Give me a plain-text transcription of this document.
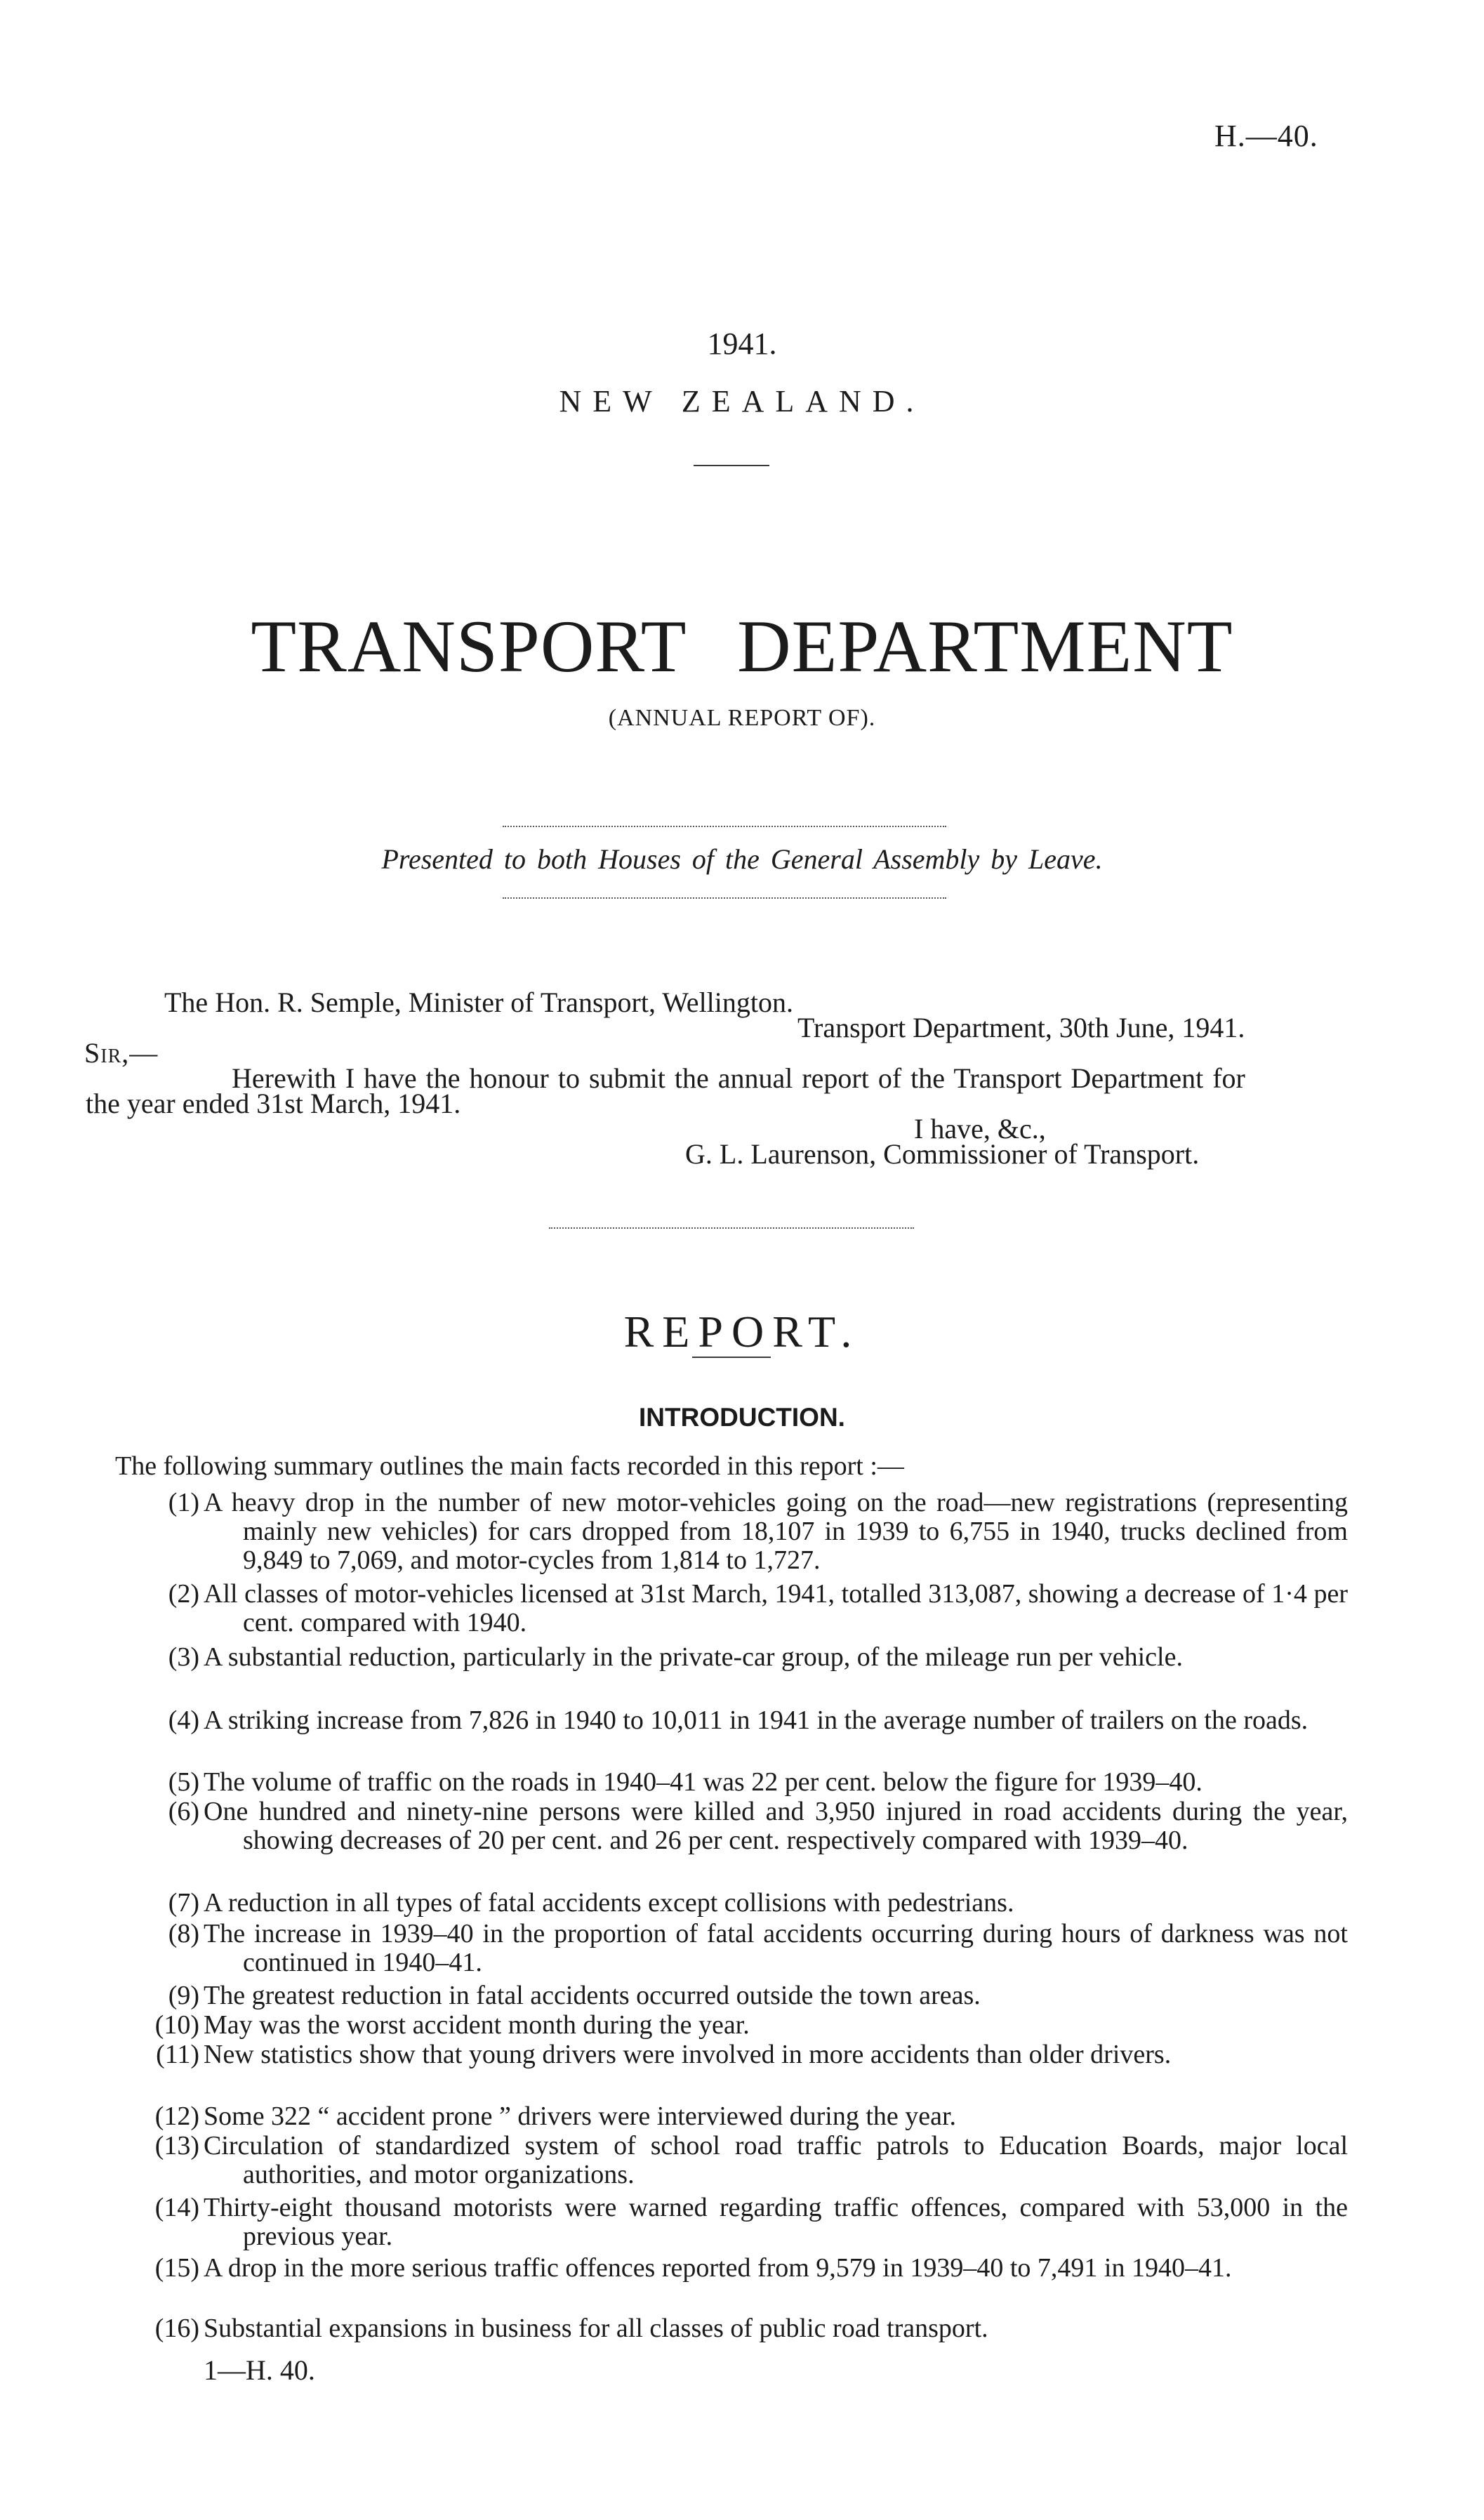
H.—40.
1941.
NEW ZEALAND.
TRANSPORT DEPARTMENT
(ANNUAL REPORT OF).
Presented to both Houses of the General Assembly by Leave.
The Hon. R. Semple, Minister of Transport, Wellington.
Transport Department, 30th June, 1941.
Sir,—
Herewith I have the honour to submit the annual report of the Transport Department for
the year ended 31st March, 1941.
I have, &c.,
G. L. Laurenson, Commissioner of Transport.
REPORT.
INTRODUCTION.
The following summary outlines the main facts recorded in this report :—
(1) A heavy drop in the number of new motor-vehicles going on the road—new registrations (representing mainly new vehicles) for cars dropped from 18,107 in 1939 to 6,755 in 1940, trucks declined from 9,849 to 7,069, and motor-cycles from 1,814 to 1,727.
(2) All classes of motor-vehicles licensed at 31st March, 1941, totalled 313,087, showing a decrease of 1·4 per cent. compared with 1940.
(3) A substantial reduction, particularly in the private-car group, of the mileage run per vehicle.
(4) A striking increase from 7,826 in 1940 to 10,011 in 1941 in the average number of trailers on the roads.
(5) The volume of traffic on the roads in 1940–41 was 22 per cent. below the figure for 1939–40.
(6) One hundred and ninety-nine persons were killed and 3,950 injured in road accidents during the year, showing decreases of 20 per cent. and 26 per cent. respectively compared with 1939–40.
(7) A reduction in all types of fatal accidents except collisions with pedestrians.
(8) The increase in 1939–40 in the proportion of fatal accidents occurring during hours of darkness was not continued in 1940–41.
(9) The greatest reduction in fatal accidents occurred outside the town areas.
(10) May was the worst accident month during the year.
(11) New statistics show that young drivers were involved in more accidents than older drivers.
(12) Some 322 “ accident prone ” drivers were interviewed during the year.
(13) Circulation of standardized system of school road traffic patrols to Education Boards, major local authorities, and motor organizations.
(14) Thirty-eight thousand motorists were warned regarding traffic offences, compared with 53,000 in the previous year.
(15) A drop in the more serious traffic offences reported from 9,579 in 1939–40 to 7,491 in 1940–41.
(16) Substantial expansions in business for all classes of public road transport.
1—H. 40.
